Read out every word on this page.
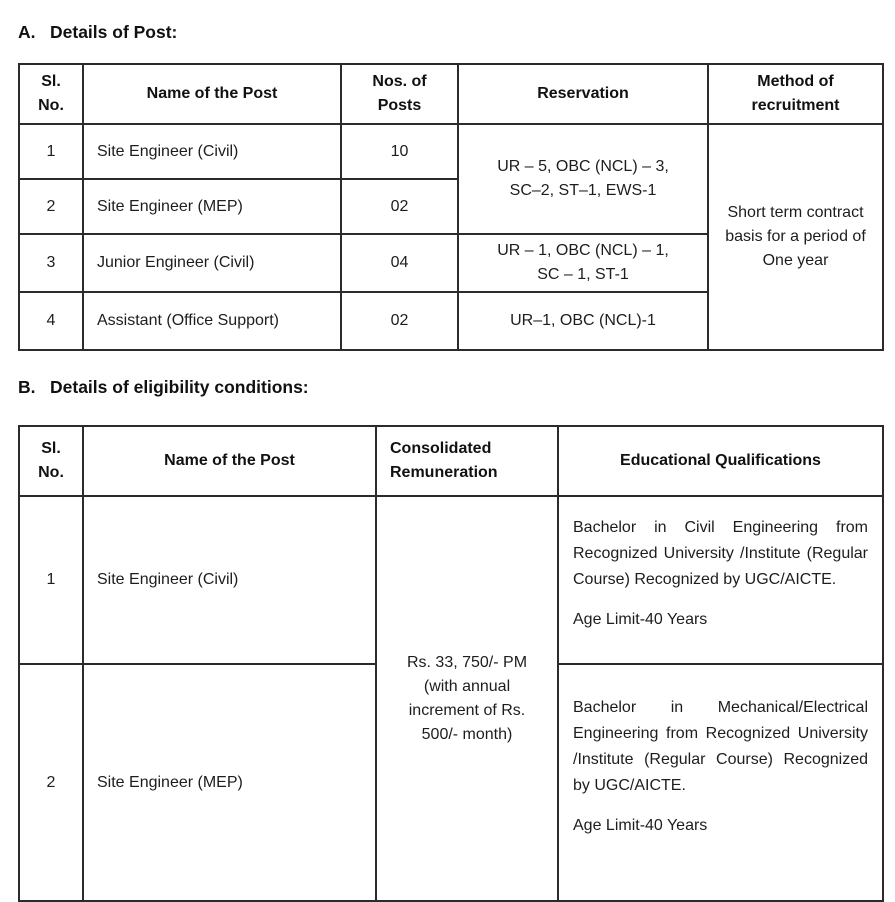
A. Details of Post:
Sl. No.	Name of the Post	Nos. of Posts	Reservation	Method of recruitment
1	Site Engineer (Civil)	10	UR – 5, OBC (NCL) – 3, SC–2, ST–1, EWS-1	Short term contract basis for a period of One year
2	Site Engineer (MEP)	02		
3	Junior Engineer (Civil)	04	UR – 1, OBC (NCL) – 1, SC – 1, ST-1	
4	Assistant (Office Support)	02	UR–1, OBC (NCL)-1	
B. Details of eligibility conditions:
Sl. No.	Name of the Post	Consolidated Remuneration	Educational Qualifications
1	Site Engineer (Civil)	Rs. 33, 750/- PM (with annual increment of Rs. 500/- month)	Bachelor in Civil Engineering from Recognized University /Institute (Regular Course) Recognized by UGC/AICTE.
Age Limit-40 Years

2	Site Engineer (MEP)		Bachelor in Mechanical/Electrical Engineering from Recognized University /Institute (Regular Course) Recognized by UGC/AICTE.
Age Limit-40 Years
